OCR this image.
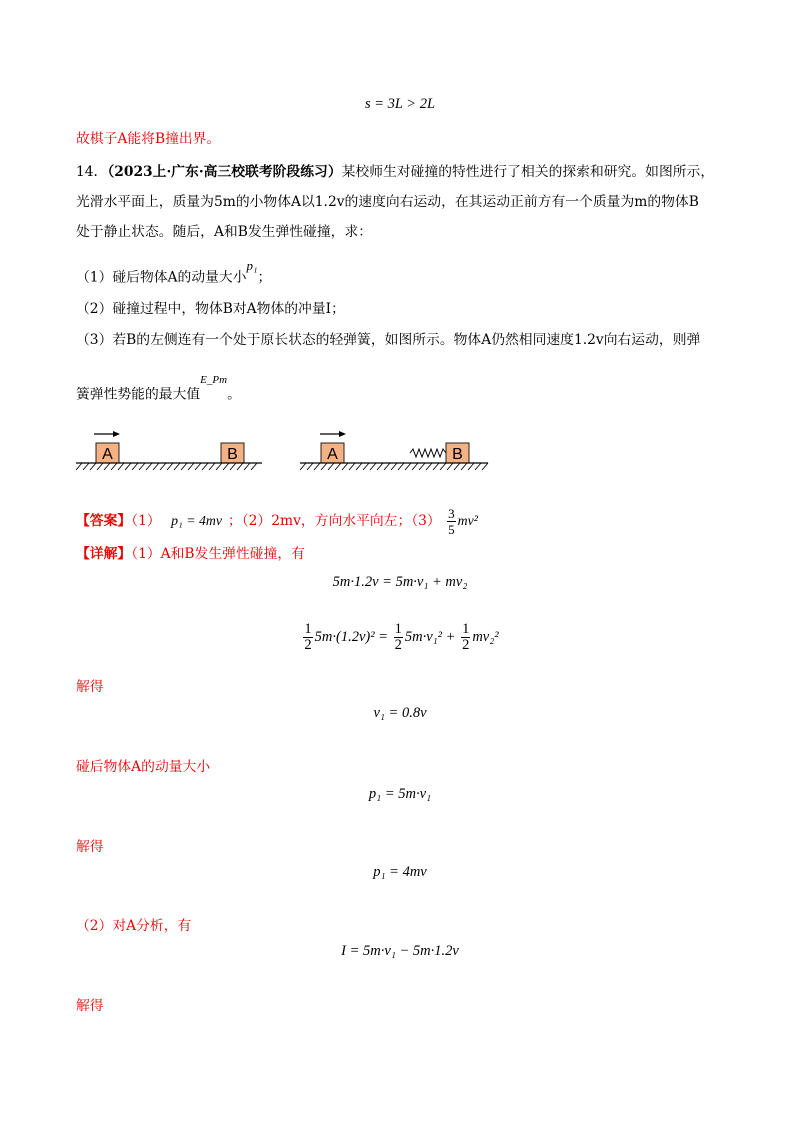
s = 3L > 2L
故棋子A能将B撞出界。
14．（2023上·广东·高三校联考阶段练习）某校师生对碰撞的特性进行了相关的探索和研究。如图所示，
光滑水平面上，质量为5m的小物体A以1.2v的速度向右运动，在其运动正前方有一个质量为m的物体B
处于静止状态。随后，A和B发生弹性碰撞，求：
（1）碰后物体A的动量大小$^{p_1}$；
（2）碰撞过程中，物体B对A物体的冲量I；
（3）若B的左侧连有一个处于原长状态的轻弹簧，如图所示。物体A仍然相同速度1.2v向右运动，则弹
簧弹性势能的最大值$^{E\_Pm}$。
A	B	A	B
【答案】（1） p₁ = 4mv ；（2）2mv，方向水平向左；$(3) \frac{3}{5} mv^2$
【详解】（1）A和B发生弹性碰撞，有
5m·1.2v = 5m·v₁ + mv₂
$\frac{1}{2} 5m\cdot(1.2v)^2 = \frac{1}{2} 5m\cdot v_1^2 + \frac{1}{2} mv_2^2$
解得
v₁ = 0.8v
碰后物体A的动量大小
p₁ = 5m·v₁
解得
p₁ = 4mv
（2）对A分析，有
I = 5m·v₁ − 5m·1.2v
解得
